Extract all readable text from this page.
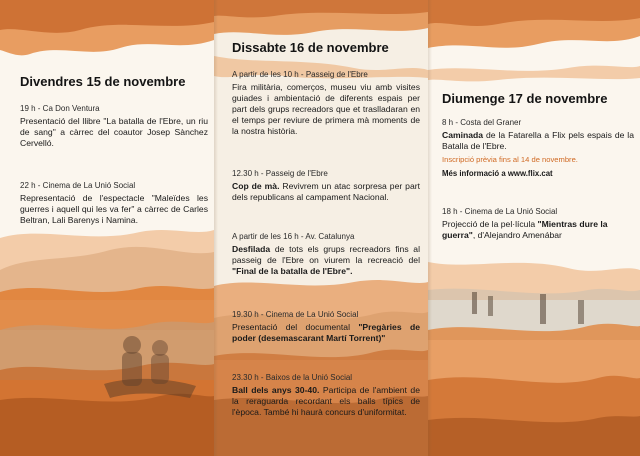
Divendres 15 de novembre
19 h - Ca Don Ventura
Presentació del llibre "La batalla de l'Ebre, un riu de sang" a càrrec del coautor Josep Sànchez Cervelló.
22 h - Cinema de La Unió Social
Representació de l'espectacle "Maleïdes les guerres i aquell qui les va fer" a càrrec de Carles Beltran, Lali Barenys i Namina.
Dissabte 16 de novembre
A partir de les 10 h - Passeig de l'Ebre
Fira militària, comerços, museu viu amb visites guiades i ambientació de diferents espais per part dels grups recreadors que et traslladaran en el temps per reviure de primera mà moments de la nostra història.
12.30 h - Passeig de l'Ebre
Cop de mà. Revivrem un atac sorpresa per part dels republicans al campament Nacional.
A partir de les 16 h - Av. Catalunya
Desfilada de tots els grups recreadors fins al passeig de l'Ebre on viurem la recreació del "Final de la batalla de l'Ebre".
19.30 h - Cinema de La Unió Social
Presentació del documental "Pregàries de poder (desemascarant Martí Torrent)"
23.30 h - Baixos de la Unió Social
Ball dels anys 30-40. Participa de l'ambient de la reraguarda recordant els balls típics de l'època. També hi haurà concurs d'uniformitat.
Diumenge 17 de novembre
8 h - Costa del Graner
Caminada de la Fatarella a Flix pels espais de la Batalla de l'Ebre.
Inscripció prèvia fins al 14 de novembre.
Més informació a www.flix.cat
18 h - Cinema de La Unió Social
Projecció de la pel·lícula "Mientras dure la guerra", d'Alejandro Amenábar
